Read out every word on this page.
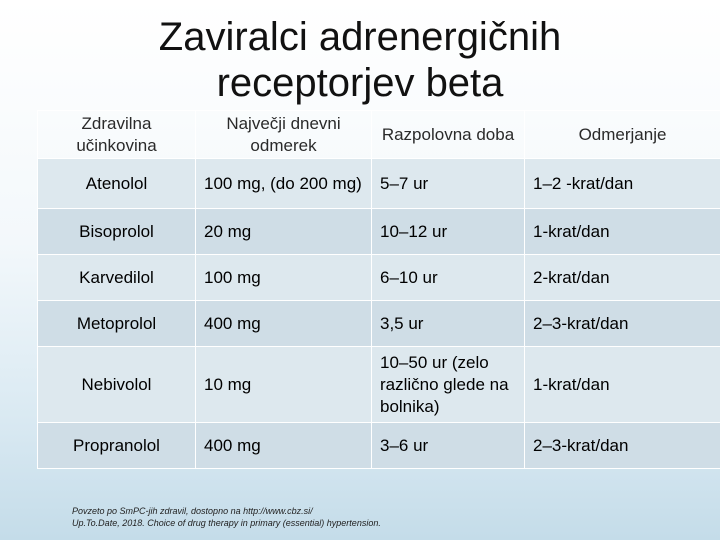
Zaviralci adrenergičnih receptorjev beta
Zdravilna učinkovina	Največji dnevni odmerek	Razpolovna doba	Odmerjanje
Atenolol	100 mg, (do 200 mg)	5–7 ur	1–2 -krat/dan
Bisoprolol	20 mg	10–12 ur	1-krat/dan
Karvedilol	100 mg	6–10 ur	2-krat/dan
Metoprolol	400 mg	3,5 ur	2–3-krat/dan
Nebivolol	10 mg	10–50 ur (zelo različno glede na bolnika)	1-krat/dan
Propranolol	400 mg	3–6 ur	2–3-krat/dan
Povzeto po SmPC-jih zdravil, dostopno na http://www.cbz.si/
Up.To.Date, 2018. Choice of drug therapy in primary (essential) hypertension.
